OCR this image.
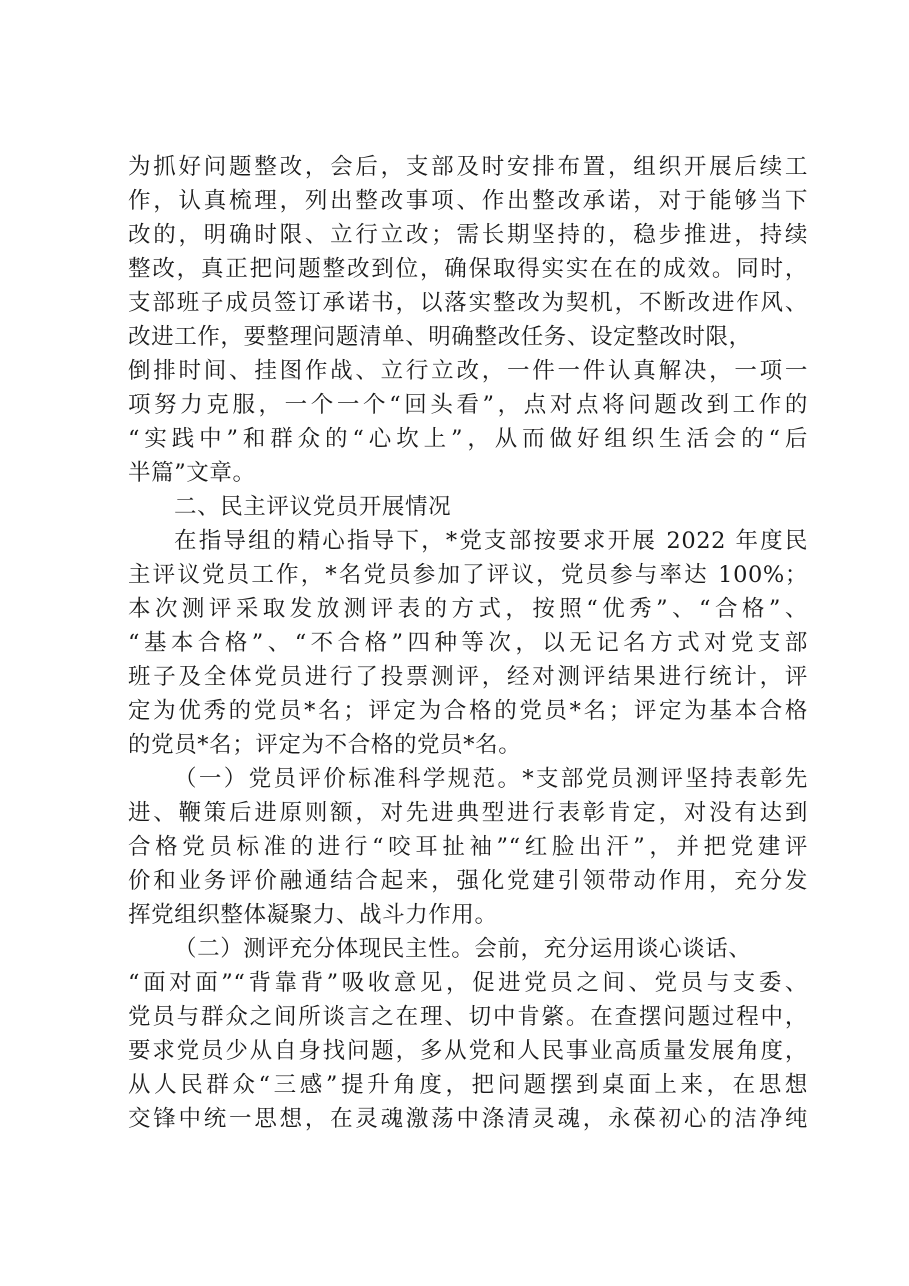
为抓好问题整改，会后，支部及时安排布置，组织开展后续工
作，认真梳理，列出整改事项、作出整改承诺，对于能够当下
改的，明确时限、立行立改；需长期坚持的，稳步推进，持续
整改，真正把问题整改到位，确保取得实实在在的成效。同时，
支部班子成员签订承诺书，以落实整改为契机，不断改进作风、
改进工作，要整理问题清单、明确整改任务、设定整改时限，
倒排时间、挂图作战、立行立改，一件一件认真解决，一项一
项努力克服，一个一个“回头看”，点对点将问题改到工作的
“实践中”和群众的“心坎上”，从而做好组织生活会的“后
半篇”文章。
二、民主评议党员开展情况
在指导组的精心指导下，*党支部按要求开展 2022 年度民
主评议党员工作，*名党员参加了评议，党员参与率达 100%；
本次测评采取发放测评表的方式，按照“优秀”、“合格”、
“基本合格”、“不合格”四种等次，以无记名方式对党支部
班子及全体党员进行了投票测评，经对测评结果进行统计，评
定为优秀的党员*名；评定为合格的党员*名；评定为基本合格
的党员*名；评定为不合格的党员*名。
（一）党员评价标准科学规范。*支部党员测评坚持表彰先
进、鞭策后进原则额，对先进典型进行表彰肯定，对没有达到
合格党员标准的进行“咬耳扯袖”“红脸出汗”，并把党建评
价和业务评价融通结合起来，强化党建引领带动作用，充分发
挥党组织整体凝聚力、战斗力作用。
（二）测评充分体现民主性。会前，充分运用谈心谈话、
“面对面”“背靠背”吸收意见，促进党员之间、党员与支委、
党员与群众之间所谈言之在理、切中肯綮。在查摆问题过程中，
要求党员少从自身找问题，多从党和人民事业高质量发展角度，
从人民群众“三感”提升角度，把问题摆到桌面上来，在思想
交锋中统一思想，在灵魂激荡中涤清灵魂，永葆初心的洁净纯
